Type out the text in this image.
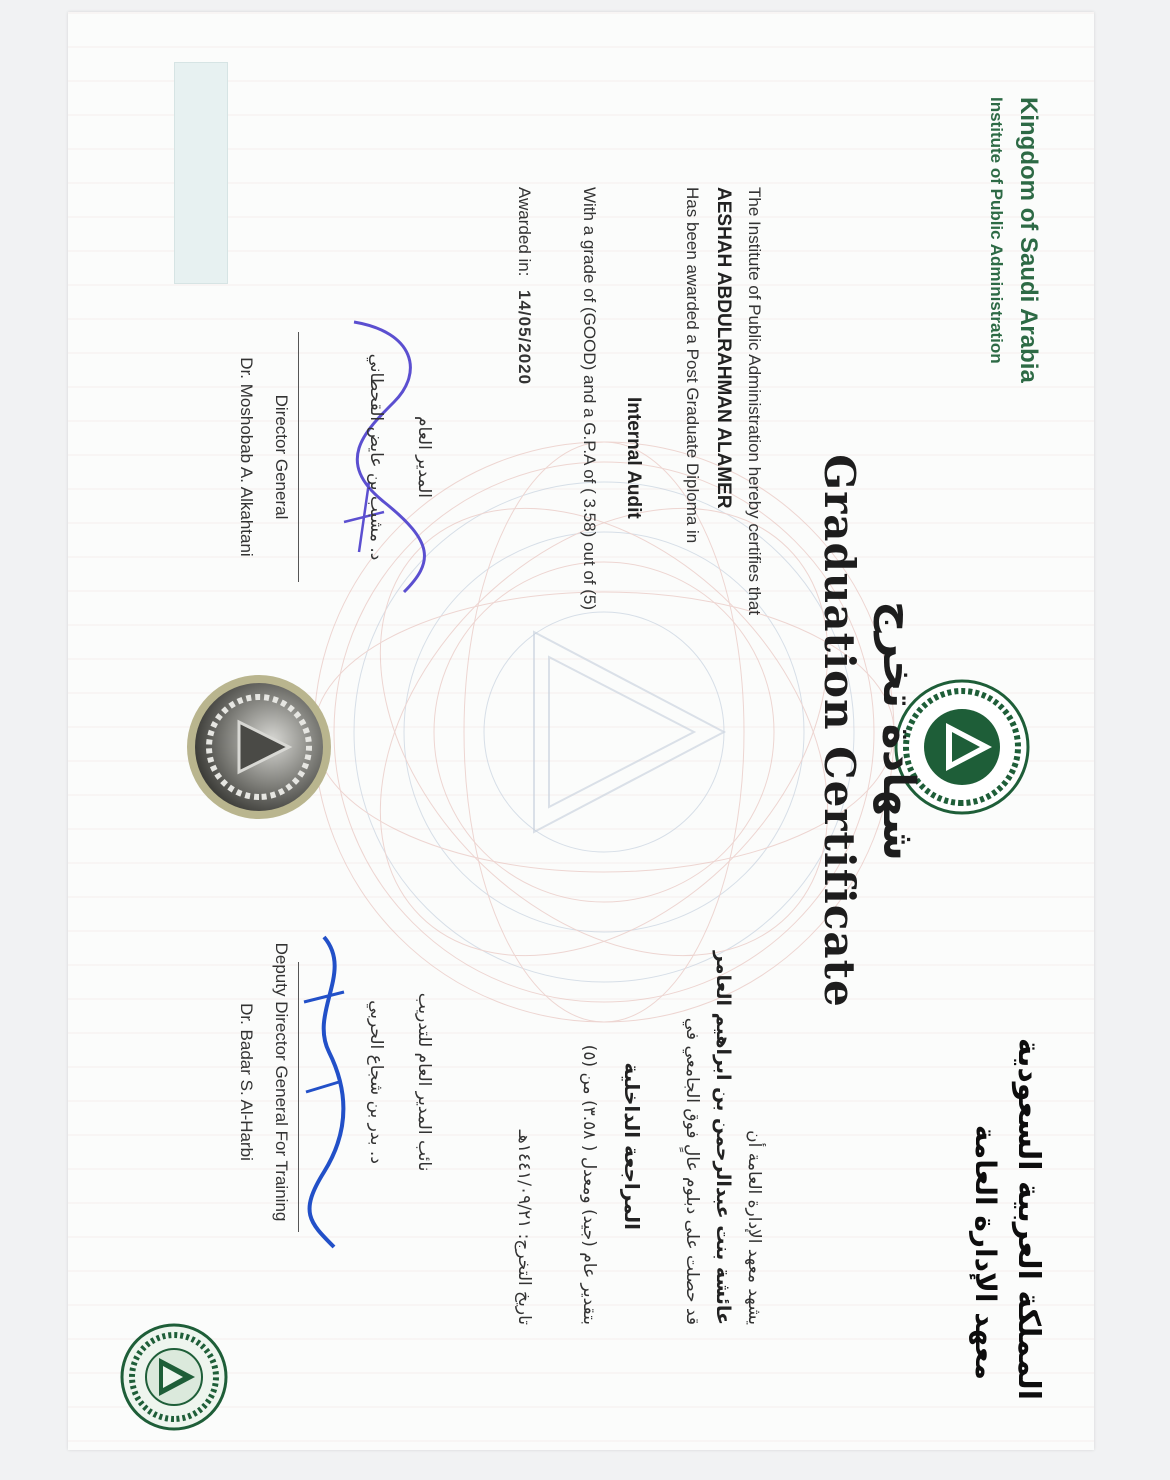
Kingdom of Saudi Arabia
Institute of Public Administration
المملكة العربية السعودية
معهد الإدارة العامة
شهادة تخرج
Graduation Certificate
The Institute of Public Administration hereby certifies that
AESHAH ABDULRAHMAN ALAMER
Has been awarded a Post Graduate Diploma in
Internal Audit
With a grade of (GOOD) and a G.P.A of ( 3.58) out of (5)
Awarded in:
14/05/2020
يشهد معهد الإدارة العامة أن
عائشة بنت عبدالرحمن بن ابراهيم العامر
قد حصلت على دبلوم عالٍ فوق الجامعي في
المراجعة الداخلية
بتقدير عام (جيد) ومعدل ( ٣.٥٨) من (٥)
تاريخ التخرج: ١٤٤١/٠٩/٢١هـ
د. مشبب بن عايض القحطاني المدير العام
Director General
Dr. Moshobab A. Alkahtani
نائب المدير العام للتدريب
د. بدر بن شجاع الحربي
Deputy Director General For Training
Dr. Badar S. Al-Harbi
